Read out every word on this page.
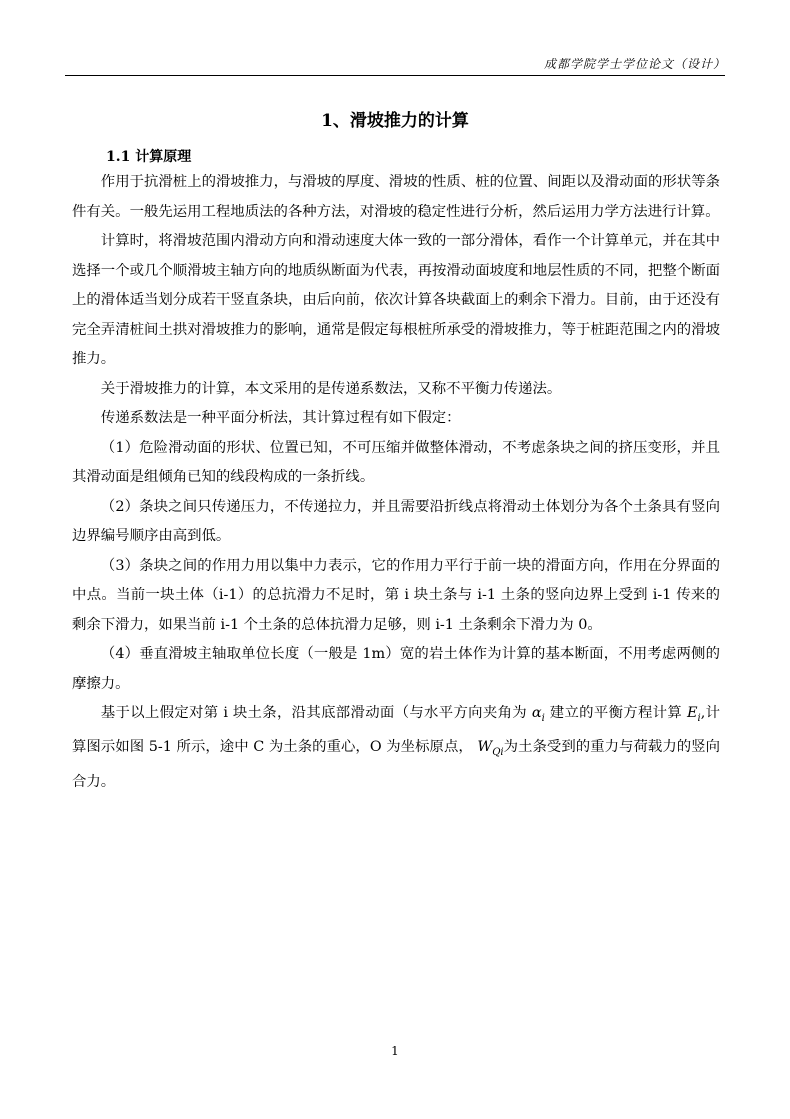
成都学院学士学位论文（设计）
1、滑坡推力的计算
1.1 计算原理

作用于抗滑桩上的滑坡推力，与滑坡的厚度、滑坡的性质、桩的位置、间距以及滑动面的形状等条件有关。一般先运用工程地质法的各种方法，对滑坡的稳定性进行分析，然后运用力学方法进行计算。

计算时，将滑坡范围内滑动方向和滑动速度大体一致的一部分滑体，看作一个计算单元，并在其中选择一个或几个顺滑坡主轴方向的地质纵断面为代表，再按滑动面坡度和地层性质的不同，把整个断面上的滑体适当划分成若干竖直条块，由后向前，依次计算各块截面上的剩余下滑力。目前，由于还没有完全弄清桩间土拱对滑坡推力的影响，通常是假定每根桩所承受的滑坡推力，等于桩距范围之内的滑坡推力。

关于滑坡推力的计算，本文采用的是传递系数法，又称不平衡力传递法。

传递系数法是一种平面分析法，其计算过程有如下假定：

（1）危险滑动面的形状、位置已知，不可压缩并做整体滑动，不考虑条块之间的挤压变形，并且其滑动面是组倾角已知的线段构成的一条折线。

（2）条块之间只传递压力，不传递拉力，并且需要沿折线点将滑动土体划分为各个土条具有竖向边界编号顺序由高到低。

（3）条块之间的作用力用以集中力表示，它的作用力平行于前一块的滑面方向，作用在分界面的中点。当前一块土体（i-1）的总抗滑力不足时，第 i 块土条与 i-1 土条的竖向边界上受到 i-1 传来的剩余下滑力，如果当前 i-1 个土条的总体抗滑力足够，则 i-1 土条剩余下滑力为 0。

（4）垂直滑坡主轴取单位长度（一般是 1m）宽的岩土体作为计算的基本断面，不用考虑两侧的摩擦力。

基于以上假定对第 i 块土条，沿其底部滑动面（与水平方向夹角为 $\alpha_i$ 建立的平衡方程计算 $E_i$,计算图示如图 5-1 所示，途中 C 为土条的重心，O 为坐标原点， $W_{Qi}$为土条受到的重力与荷载力的竖向合力。

1
